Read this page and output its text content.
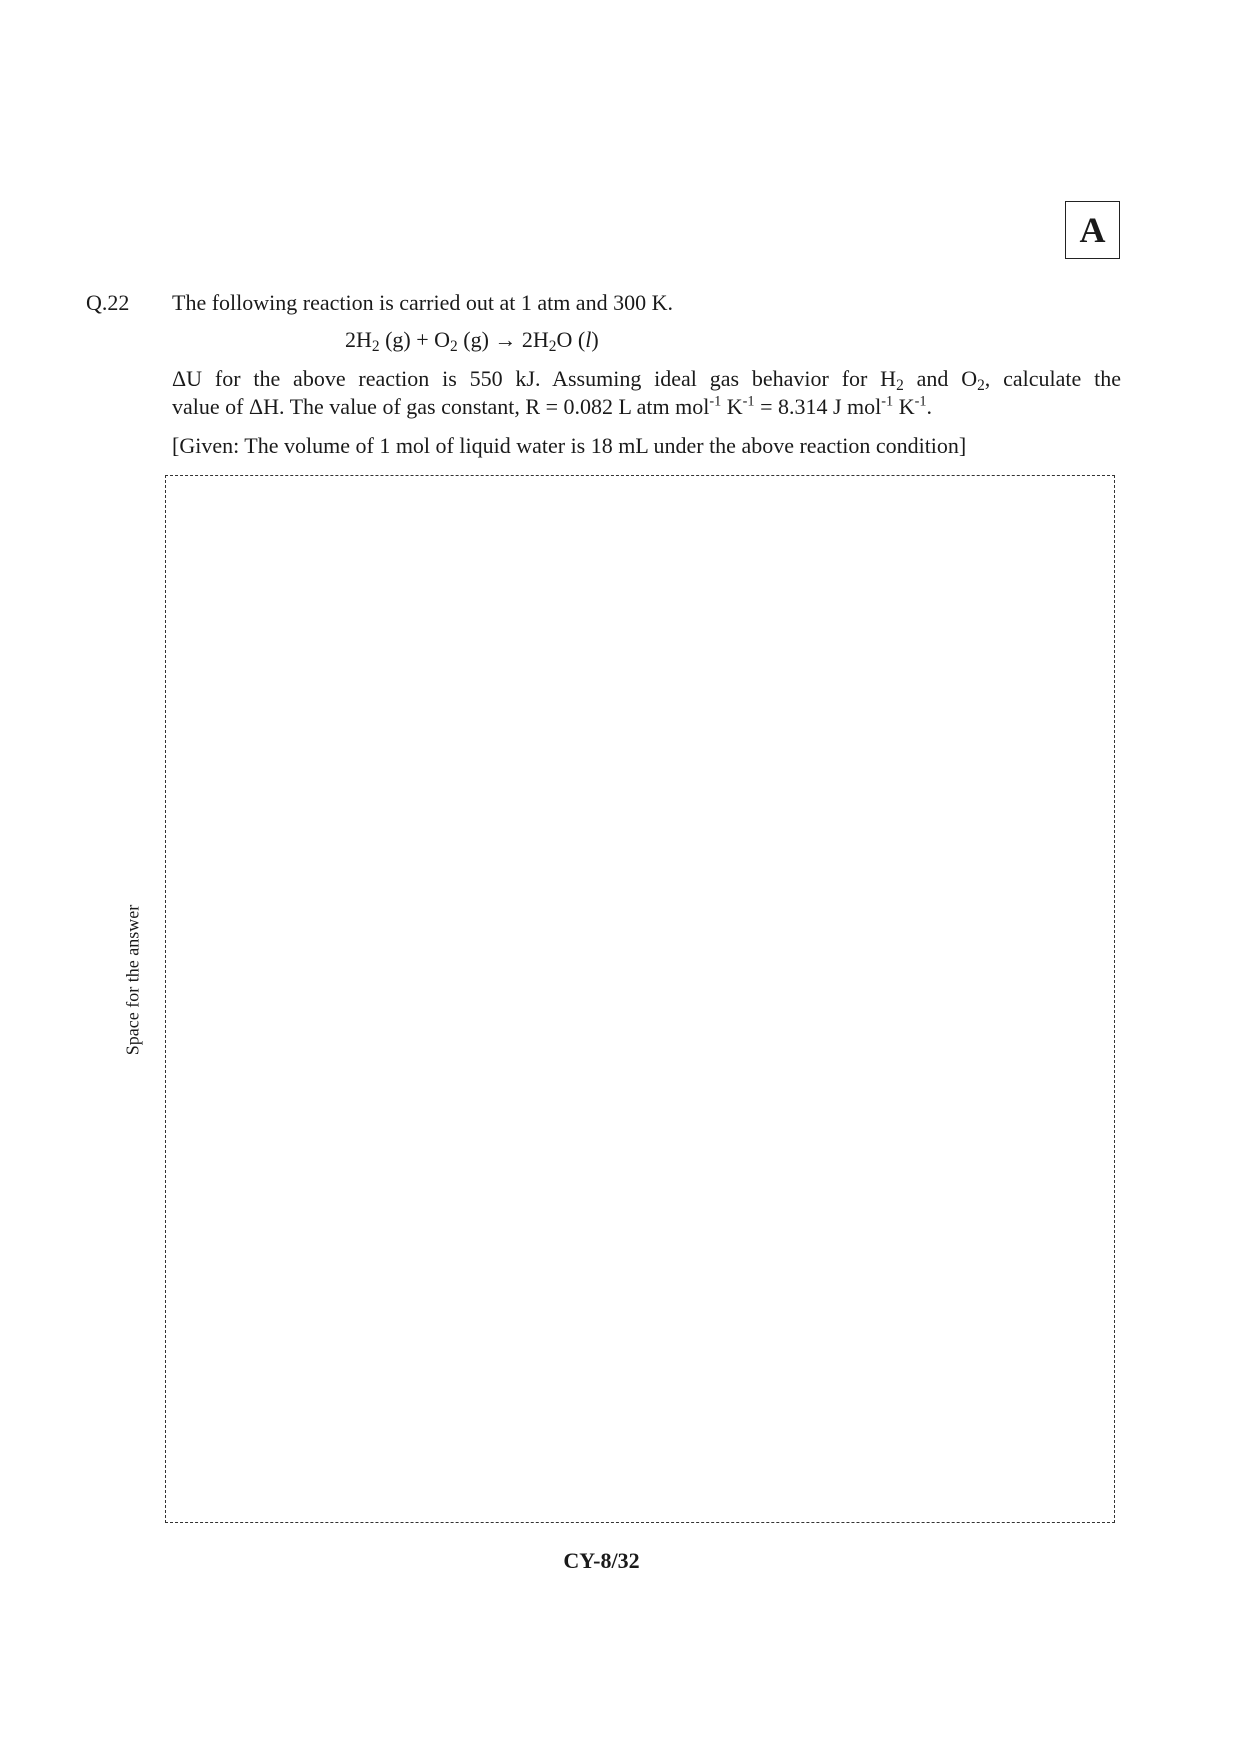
A
Q.22 The following reaction is carried out at 1 atm and 300 K.
$2H_2$ $(g) + O_2$ $(g) \to 2H_2O$ (l)
ΔU for the above reaction is 550 kJ. Assuming ideal gas behavior for $H_2$ and $O_2$, calculate the
value of ΔH. The value of gas constant, R = 0.082 L atm mol$^{-1}$ $K^{-1} = 8.314$ J mol$^{-1}$ $K^{-1}$.
[Given: The volume of 1 mol of liquid water is 18 mL under the above reaction condition]
Space for the answer
CY-8/32
